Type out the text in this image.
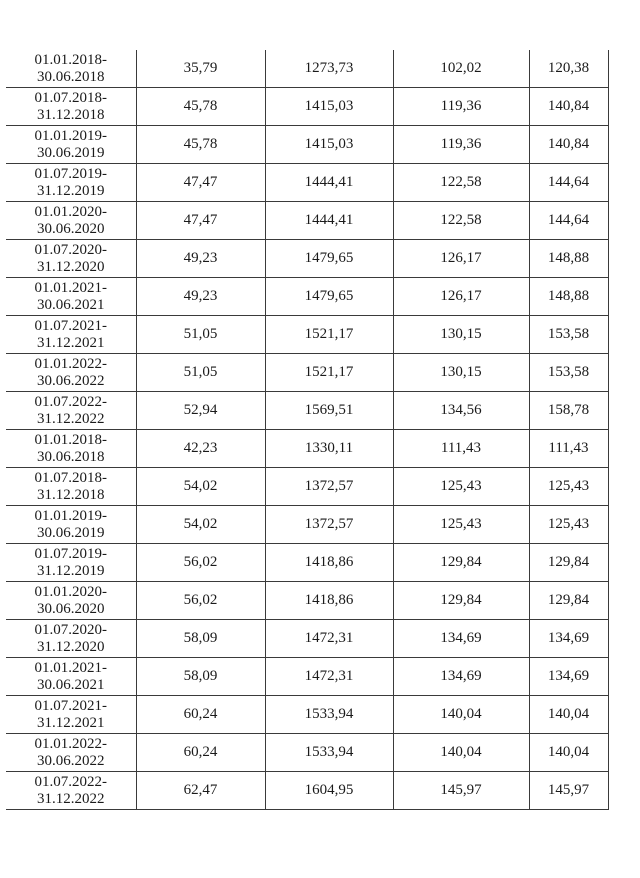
01.01.2018- 30.06.2018	35,79	1273,73	102,02	120,38
01.07.2018- 31.12.2018	45,78	1415,03	119,36	140,84
01.01.2019- 30.06.2019	45,78	1415,03	119,36	140,84
01.07.2019- 31.12.2019	47,47	1444,41	122,58	144,64
01.01.2020- 30.06.2020	47,47	1444,41	122,58	144,64
01.07.2020- 31.12.2020	49,23	1479,65	126,17	148,88
01.01.2021- 30.06.2021	49,23	1479,65	126,17	148,88
01.07.2021- 31.12.2021	51,05	1521,17	130,15	153,58
01.01.2022- 30.06.2022	51,05	1521,17	130,15	153,58
01.07.2022- 31.12.2022	52,94	1569,51	134,56	158,78
01.01.2018- 30.06.2018	42,23	1330,11	111,43	111,43
01.07.2018- 31.12.2018	54,02	1372,57	125,43	125,43
01.01.2019- 30.06.2019	54,02	1372,57	125,43	125,43
01.07.2019- 31.12.2019	56,02	1418,86	129,84	129,84
01.01.2020- 30.06.2020	56,02	1418,86	129,84	129,84
01.07.2020- 31.12.2020	58,09	1472,31	134,69	134,69
01.01.2021- 30.06.2021	58,09	1472,31	134,69	134,69
01.07.2021- 31.12.2021	60,24	1533,94	140,04	140,04
01.01.2022- 30.06.2022	60,24	1533,94	140,04	140,04
01.07.2022- 31.12.2022	62,47	1604,95	145,97	145,97
